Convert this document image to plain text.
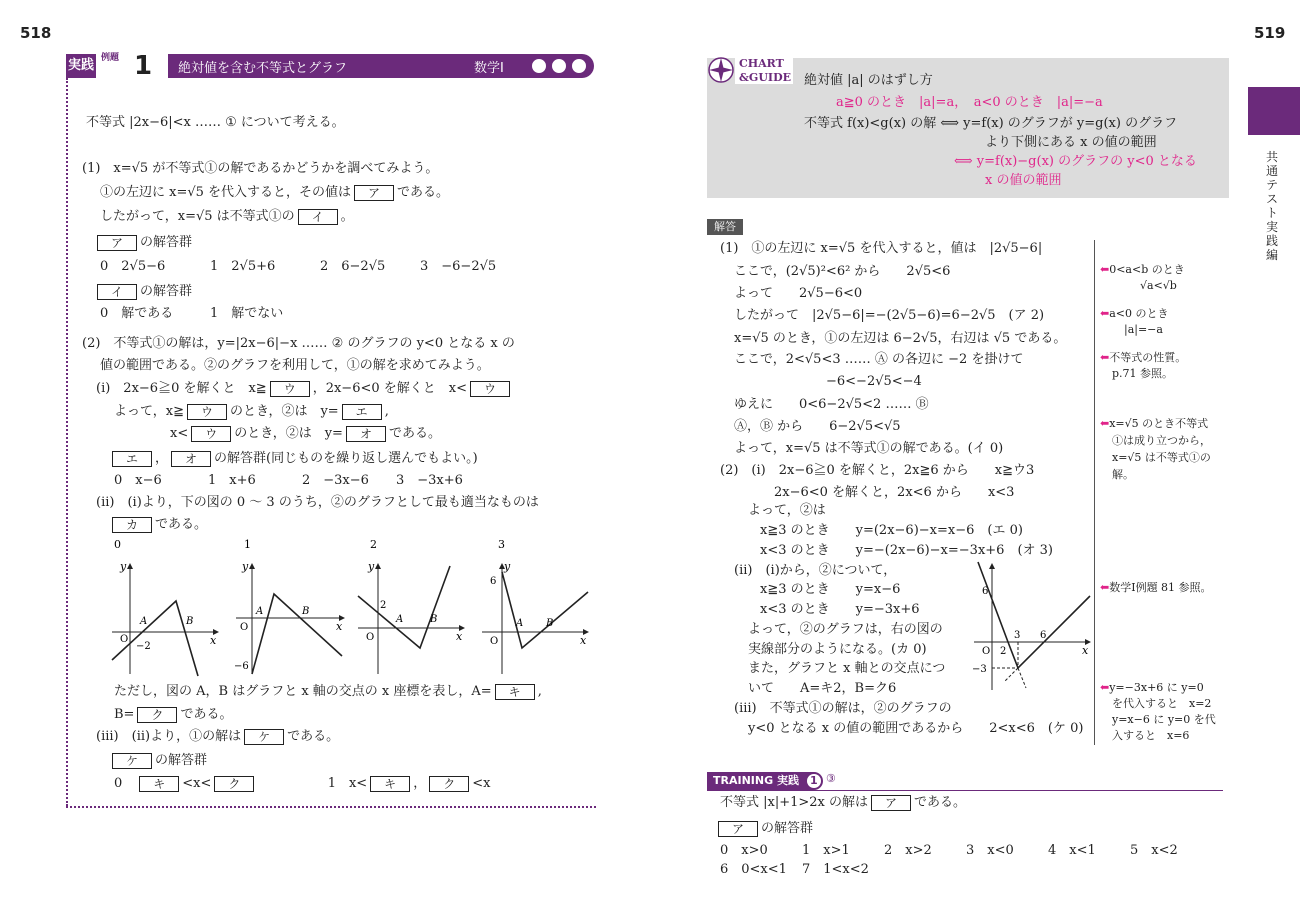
518	519
実践 例題 1 絶対値を含む不等式とグラフ	数学Ⅰ
不等式 |2x−6|<x …… ① について考える。
(1)　x=√5 が不等式①の解であるかどうかを調べてみよう。
①の左辺に x=√5 を代入すると，その値は ア である。
したがって，x=√5 は不等式①の イ 。
ア の解答群
0　2√5−6	1　2√5+6	2　6−2√5	3　−6−2√5
イ の解答群
0　解である	1　解でない
(2)　不等式①の解は，y=|2x−6|−x …… ② のグラフの y<0 となる x の
値の範囲である。②のグラフを利用して，①の解を求めてみよう。
(i)　2x−6≧0 を解くと　x≧ ウ ，2x−6<0 を解くと　x< ウ
よって，x≧ ウ のとき，②は　y= エ ,
x< ウ のとき，②は　y= オ である。
エ ， オ の解答群(同じものを繰り返し選んでもよい。)
0　x−6	1　x+6	2　−3x−6 3　−3x+6
(ii)　(i)より，下の図の 0 ～ 3 のうち，②のグラフとして最も適当なものは
カ である。
0
y
x
O
−2
A	B
1
y
x
O
−6
A	B
2
y
x
O
2
A	B
3
y
x
O
6
A B
ただし，図の A，B はグラフと x 軸の交点の x 座標を表し，A= キ ,
B= ク である。
(iii)　(ii)より，①の解は ケ である。
ケ の解答群
0	キ <x< ク	1　x< キ ， ク <x
CHART
&GUIDE 絶対値 |a| のはずし方
a≧0 のとき　|a|=a，　a<0 のとき　|a|=−a
不等式 f(x)<g(x) の解 ⟺ y=f(x) のグラフが y=g(x) のグラフ
より下側にある x の値の範囲
⟺ y=f(x)−g(x) のグラフの y<0 となる
x の値の範囲
共通テスト実践編
解答
(1)　①の左辺に x=√5 を代入すると，値は　|2√5−6|
ここで，(2√5)²<6² から　　2√5<6
よって　　2√5−6<0
したがって　|2√5−6|=−(2√5−6)=6−2√5　(ア 2)
x=√5 のとき，①の左辺は 6−2√5，右辺は √5 である。
ここで，2<√5<3 …… Ⓐ の各辺に −2 を掛けて
−6<−2√5<−4
ゆえに　　0<6−2√5<2 …… Ⓑ
Ⓐ，Ⓑ から　　6−2√5<√5
よって，x=√5 は不等式①の解である。(イ 0)
(2)　(i)　2x−6≧0 を解くと，2x≧6 から　　x≧ウ3
2x−6<0 を解くと，2x<6 から　　x<3
よって，②は
x≧3 のとき　　y=(2x−6)−x=x−6　(エ 0)
x<3 のとき　　y=−(2x−6)−x=−3x+6　(オ 3)
(ii)　(i)から，②について，
x≧3 のとき　　y=x−6
x<3 のとき　　y=−3x+6
よって，②のグラフは，右の図の
実線部分のようになる。(カ 0)
また，グラフと x 軸との交点につ
いて　　A=キ2，B=ク6
(iii)　不等式①の解は，②のグラフの
y<0 となる x の値の範囲であるから　　2<x<6　(ケ 0)
6
O 2
3 6
−3
x
⬅0<a<b のとき
√a<√b
⬅a<0 のとき
|a|=−a
⬅不等式の性質。
p.71 参照。
⬅x=√5 のとき不等式
①は成り立つから，
x=√5 は不等式①の
解。
⬅数学Ⅰ例題 81 参照。
⬅y=−3x+6 に y=0
を代入すると　x=2
y=x−6 に y=0 を代
入すると　x=6
TRAINING 実践 1 ③
不等式 |x|+1>2x の解は ア である。
ア の解答群
0　x>0	1　x>1	2　x>2	3　x<0	4　x<1	5　x<2
6　0<x<1 7　1<x<2
